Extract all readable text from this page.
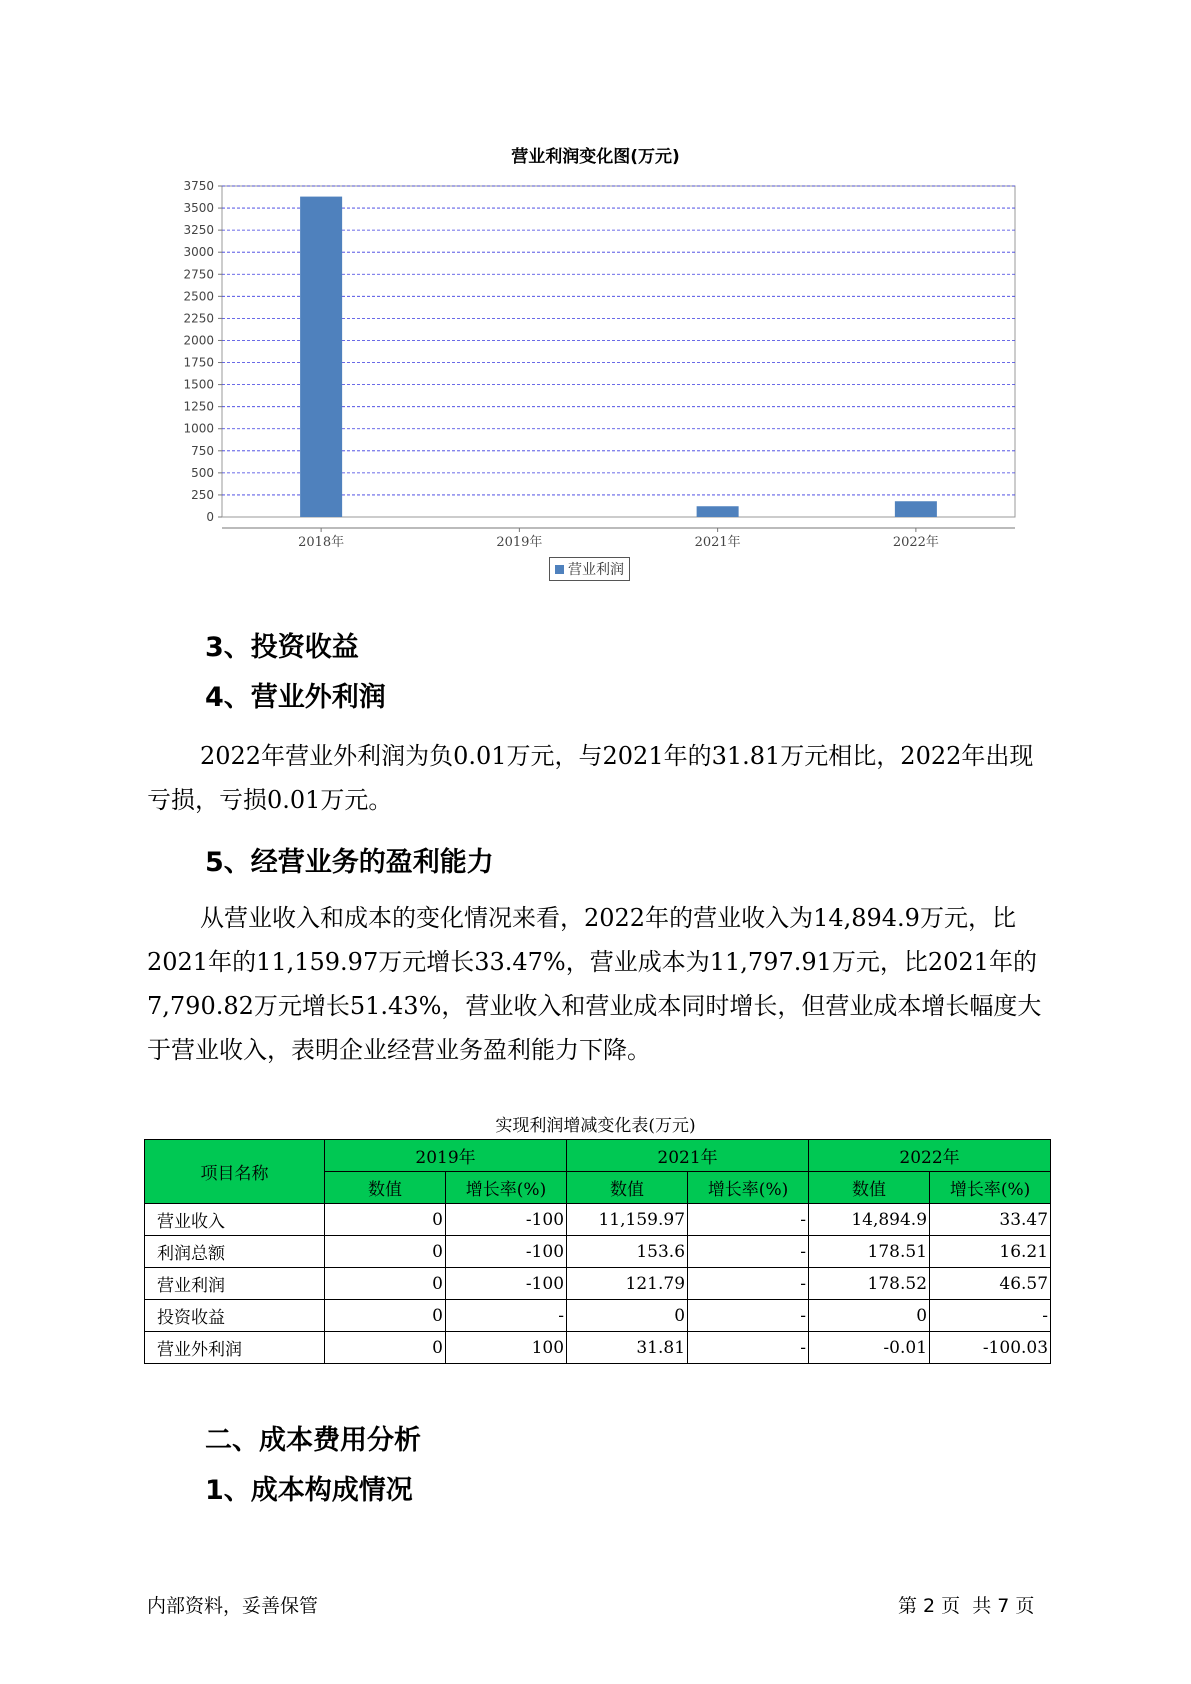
营业利润变化图(万元)
0
250
500
750
1000
1250
1500
1750
2000
2250
2500
2750
3000
3250
3500
3750
2018年	2019年	2021年	2022年
营业利润
3、投资收益
4、营业外利润
2022年营业外利润为负0.01万元，与2021年的31.81万元相比，2022年出现亏损，亏损0.01万元。
5、经营业务的盈利能力
从营业收入和成本的变化情况来看，2022年的营业收入为14,894.9万元，比2021年的11,159.97万元增长33.47%，营业成本为11,797.91万元，比2021年的7,790.82万元增长51.43%，营业收入和营业成本同时增长，但营业成本增长幅度大于营业收入，表明企业经营业务盈利能力下降。
实现利润增减变化表(万元)
项目名称	2019年		2021年		2022年	
	数值	增长率(%)	数值	增长率(%)	数值	增长率(%)
营业收入	0	-100	11,159.97	-	14,894.9	33.47
利润总额	0	-100	153.6	-	178.51	16.21
营业利润	0	-100	121.79	-	178.52	46.57
投资收益	0	-	0	-	0	-
营业外利润	0	100	31.81	-	-0.01	-100.03
二、成本费用分析
1、成本构成情况
内部资料，妥善保管	第 2 页  共 7 页
